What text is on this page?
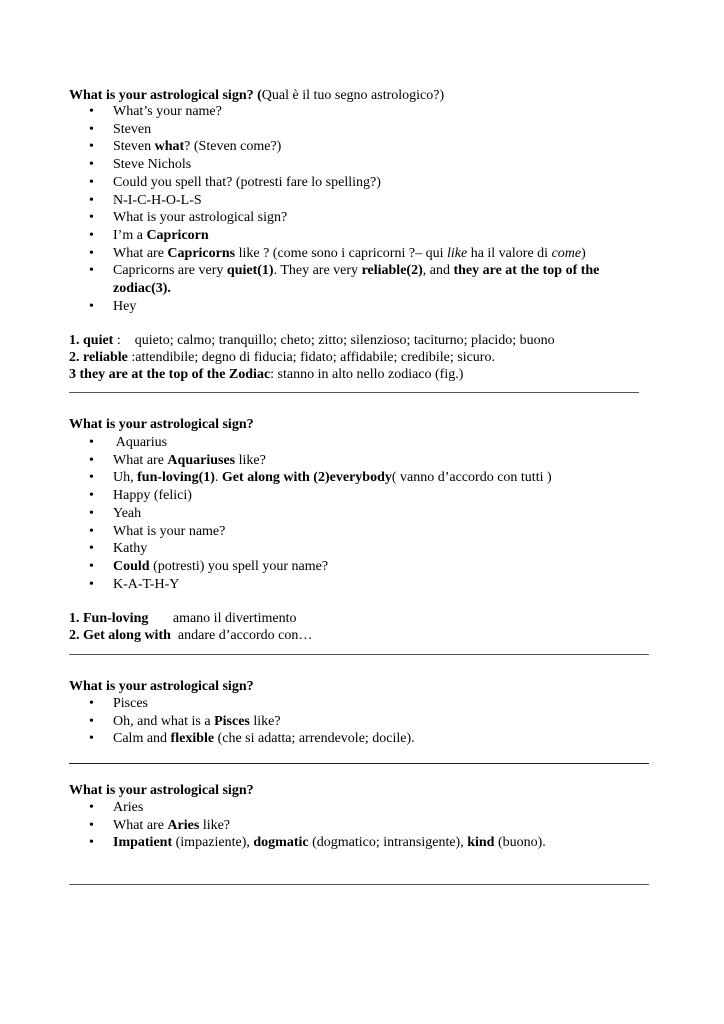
What is your astrological sign? (Qual è il tuo segno astrologico?)
• What’s your name?
• Steven
• Steven what? (Steven come?)
• Steve Nichols
• Could you spell that? (potresti fare lo spelling?)
• N-I-C-H-O-L-S
• What is your astrological sign?
• I’m a Capricorn
• What are Capricorns like ? (come sono i capricorni ?– qui like ha il valore di come)
• Capricorns are very quiet(1). They are very reliable(2), and they are at the top of the zodiac(3).
• Hey
1. quiet :    quieto; calmo; tranquillo; cheto; zitto; silenzioso; taciturno; placido; buono
2. reliable :attendibile; degno di fiducia; fidato; affidabile; credibile; sicuro.
3 they are at the top of the Zodiac: stanno in alto nello zodiaco (fig.)
What is your astrological sign?
•  Aquarius
• What are Aquariuses like?
• Uh, fun-loving(1). Get along with (2)everybody( vanno d’accordo con tutti )
• Happy (felici)
• Yeah
• What is your name?
• Kathy
• Could (potresti) you spell your name?
• K-A-T-H-Y
1. Fun-loving       amano il divertimento
2. Get along with  andare d’accordo con…
What is your astrological sign?
• Pisces
• Oh, and what is a Pisces like?
• Calm and flexible (che si adatta; arrendevole; docile).
What is your astrological sign?
• Aries
• What are Aries like?
• Impatient (impaziente), dogmatic (dogmatico; intransigente), kind (buono).
